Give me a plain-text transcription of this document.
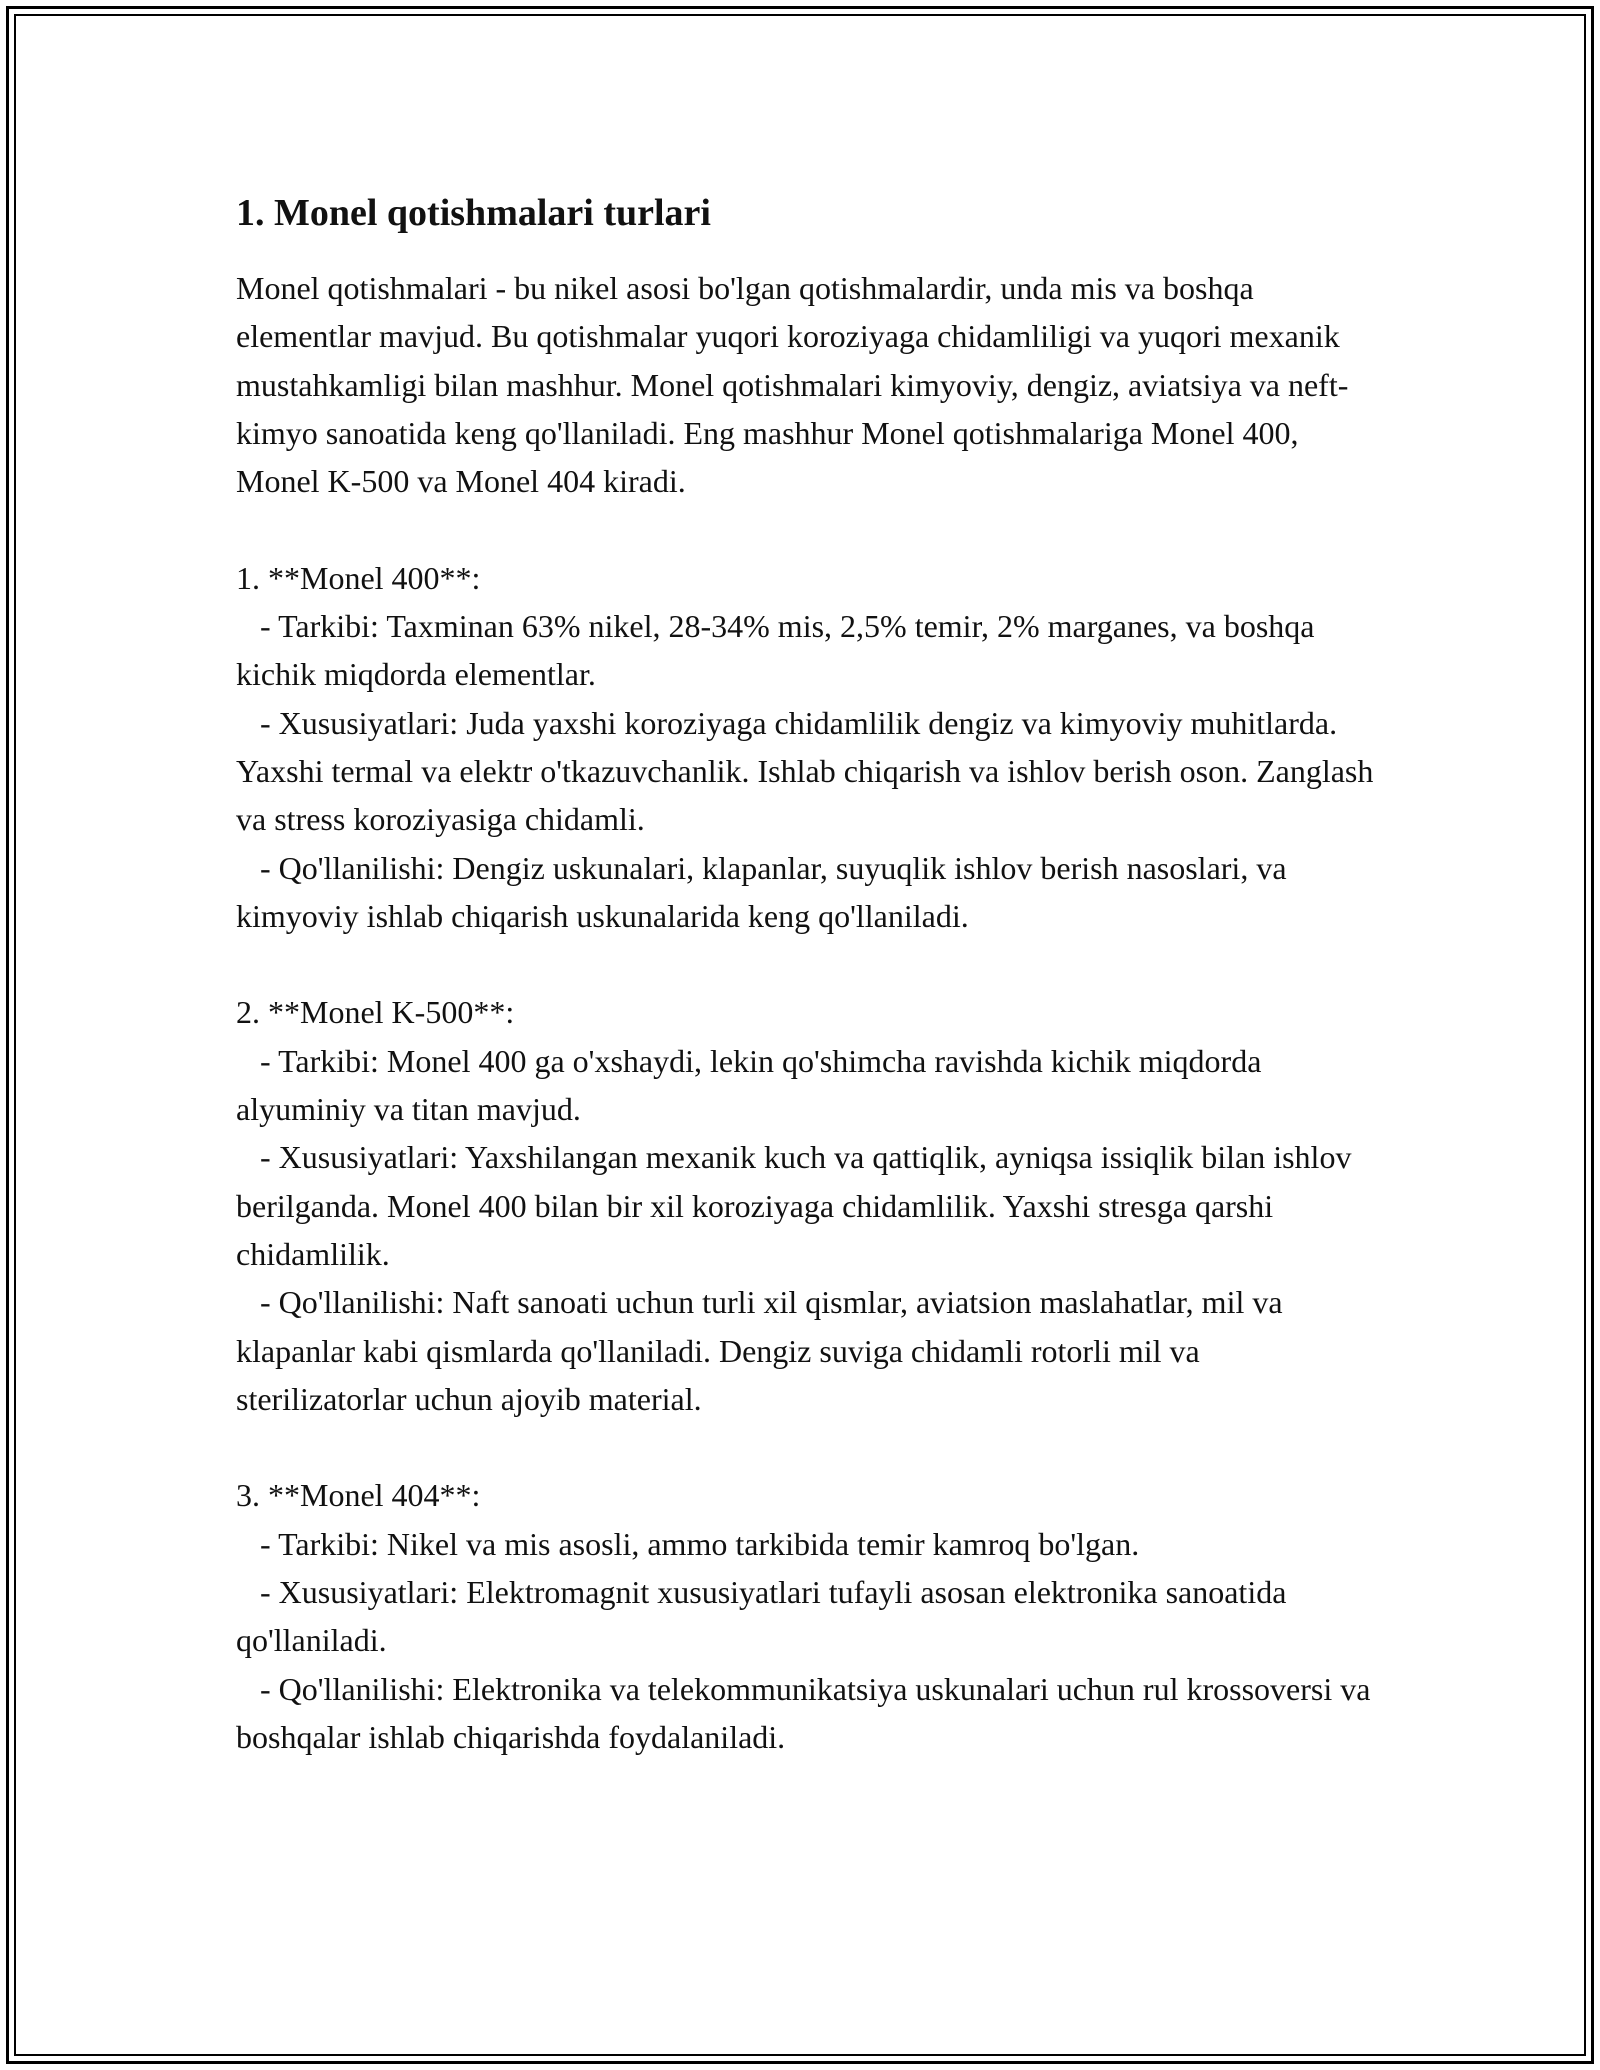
1. Monel qotishmalari turlari

Monel qotishmalari - bu nikel asosi bo'lgan qotishmalardir, unda mis va boshqa elementlar mavjud. Bu qotishmalar yuqori koroziyaga chidamliligi va yuqori mexanik mustahkamligi bilan mashhur. Monel qotishmalari kimyoviy, dengiz, aviatsiya va neft-kimyo sanoatida keng qo'llaniladi. Eng mashhur Monel qotishmalariga Monel 400, Monel K-500 va Monel 404 kiradi.

1. **Monel 400**:

- Tarkibi: Taxminan 63% nikel, 28-34% mis, 2,5% temir, 2% marganes, va boshqa kichik miqdorda elementlar.

- Xususiyatlari: Juda yaxshi koroziyaga chidamlilik dengiz va kimyoviy muhitlarda. Yaxshi termal va elektr o'tkazuvchanlik. Ishlab chiqarish va ishlov berish oson. Zanglash va stress koroziyasiga chidamli.

- Qo'llanilishi: Dengiz uskunalari, klapanlar, suyuqlik ishlov berish nasoslari, va kimyoviy ishlab chiqarish uskunalarida keng qo'llaniladi.

2. **Monel K-500**:

- Tarkibi: Monel 400 ga o'xshaydi, lekin qo'shimcha ravishda kichik miqdorda alyuminiy va titan mavjud.

- Xususiyatlari: Yaxshilangan mexanik kuch va qattiqlik, ayniqsa issiqlik bilan ishlov berilganda. Monel 400 bilan bir xil koroziyaga chidamlilik. Yaxshi stresga qarshi chidamlilik.

- Qo'llanilishi: Naft sanoati uchun turli xil qismlar, aviatsion maslahatlar, mil va klapanlar kabi qismlarda qo'llaniladi. Dengiz suviga chidamli rotorli mil va sterilizatorlar uchun ajoyib material.

3. **Monel 404**:

- Tarkibi: Nikel va mis asosli, ammo tarkibida temir kamroq bo'lgan.

- Xususiyatlari: Elektromagnit xususiyatlari tufayli asosan elektronika sanoatida qo'llaniladi.

- Qo'llanilishi: Elektronika va telekommunikatsiya uskunalari uchun rul krossoversi va boshqalar ishlab chiqarishda foydalaniladi.
